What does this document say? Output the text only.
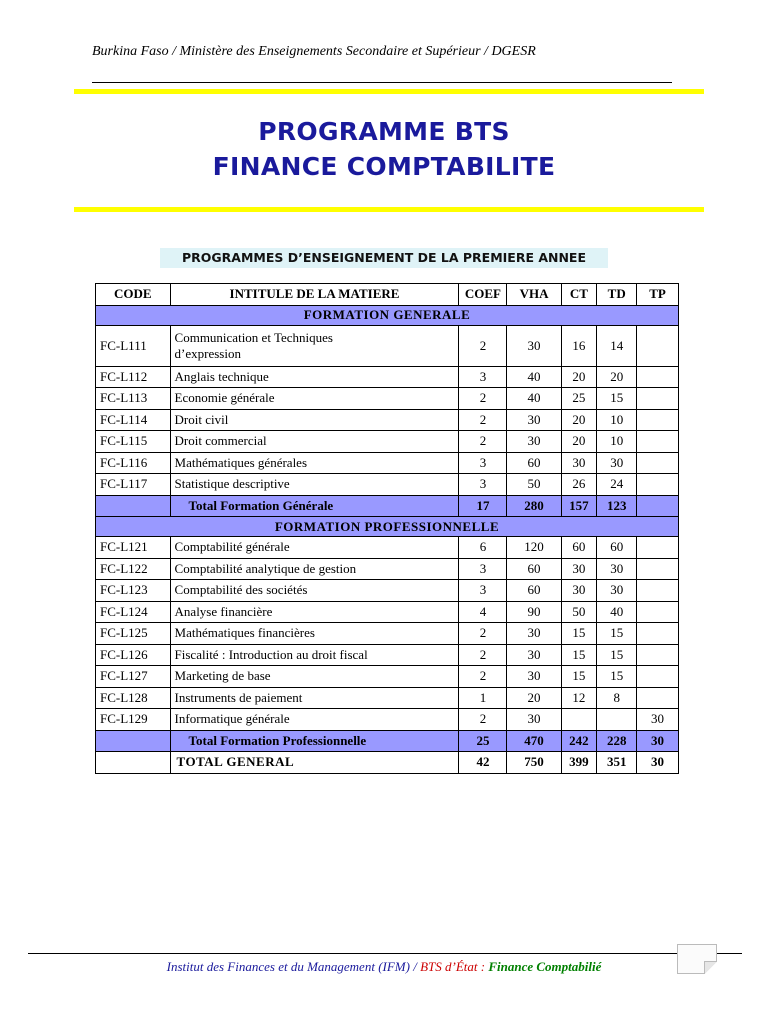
Burkina Faso / Ministère des Enseignements Secondaire et Supérieur / DGESR
PROGRAMME BTS
FINANCE COMPTABILITE
PROGRAMMES D’ENSEIGNEMENT DE LA PREMIERE ANNEE
CODE	INTITULE DE LA MATIERE	COEF	VHA	CT	TD	TP
FORMATION GENERALE						
FC-L111	Communication et Techniques
d’expression	2	30	16	14	
FC-L112	Anglais technique	3	40	20	20	
FC-L113	Economie générale	2	40	25	15	
FC-L114	Droit civil	2	30	20	10	
FC-L115	Droit commercial	2	30	20	10	
FC-L116	Mathématiques générales	3	60	30	30	
FC-L117	Statistique descriptive	3	50	26	24	
	Total Formation Générale	17	280	157	123	
FORMATION PROFESSIONNELLE						
FC-L121	Comptabilité générale	6	120	60	60	
FC-L122	Comptabilité analytique de gestion	3	60	30	30	
FC-L123	Comptabilité des sociétés	3	60	30	30	
FC-L124	Analyse financière	4	90	50	40	
FC-L125	Mathématiques financières	2	30	15	15	
FC-L126	Fiscalité : Introduction au droit fiscal	2	30	15	15	
FC-L127	Marketing de base	2	30	15	15	
FC-L128	Instruments de paiement	1	20	12	8	
FC-L129	Informatique générale	2	30			30
	Total Formation Professionnelle	25	470	242	228	30
	TOTAL GENERAL	42	750	399	351	30
Institut des Finances et du Management (IFM) / BTS d’État : Finance Comptabilié
